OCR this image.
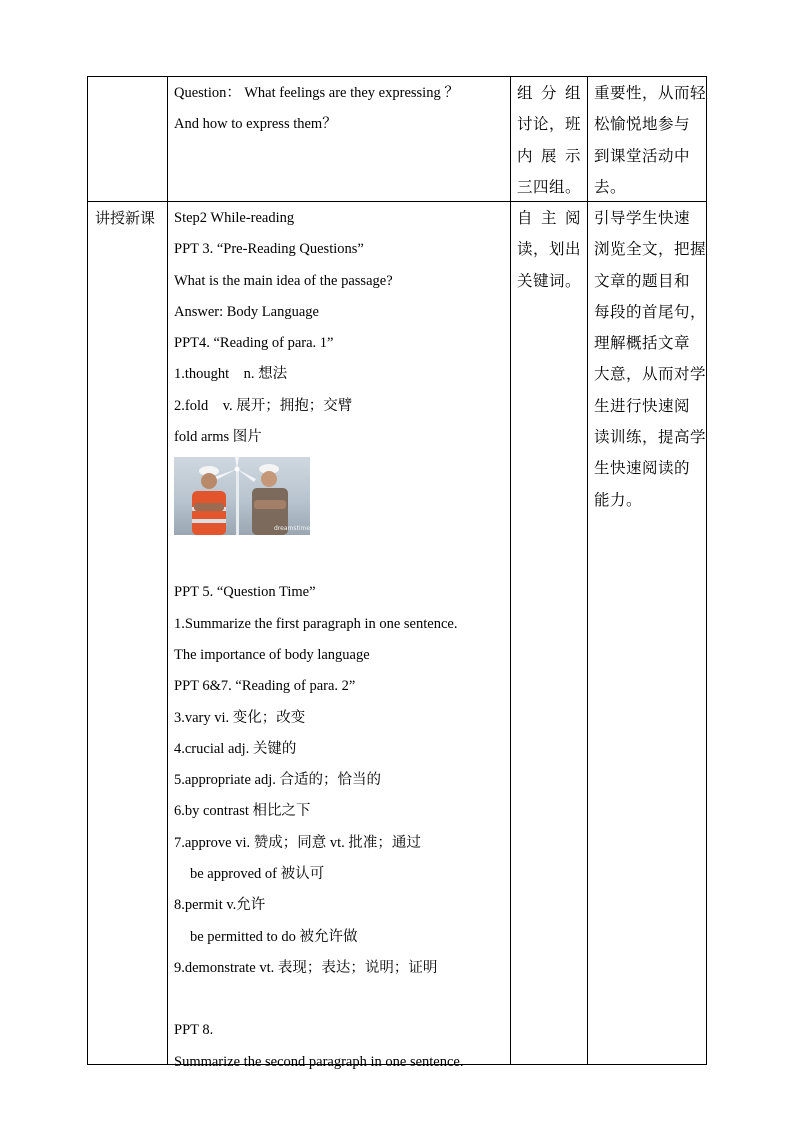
Question： What feelings are they expressing ？
And how to express them？
组 分 组
讨论，班
内 展 示
三四组。
重要性，从而轻
松愉悦地参与
到课堂活动中
去。
讲授新课 Step2 While-reading
PPT 3. “Pre-Reading Questions”
What is the main idea of the passage?
Answer: Body Language
PPT4. “Reading of para. 1”
1.thought　n. 想法
2.fold　v. 展开；拥抱；交臂
fold arms 图片
dreamstime
PPT 5. “Question Time”
1.Summarize the first paragraph in one sentence.
The importance of body language
PPT 6&7. “Reading of para. 2”
3.vary vi. 变化；改变
4.crucial adj. 关键的
5.appropriate adj. 合适的；恰当的
6.by contrast 相比之下
7.approve vi. 赞成；同意 vt. 批准；通过
be approved of 被认可
8.permit v.允许
be permitted to do 被允许做
9.demonstrate vt. 表现；表达；说明；证明
PPT 8.
Summarize the second paragraph in one sentence.
自 主 阅
读，划出
关键词。
引导学生快速
浏览全文，把握
文章的题目和
每段的首尾句，
理解概括文章
大意，从而对学
生进行快速阅
读训练，提高学
生快速阅读的
能力。
